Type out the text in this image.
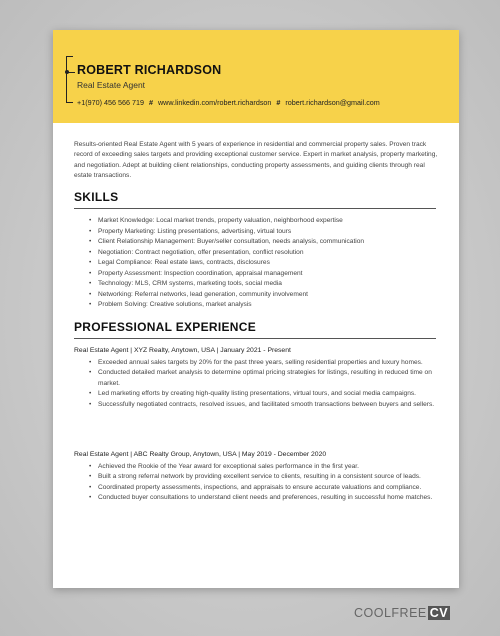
ROBERT RICHARDSON
Real Estate Agent
+1(970) 456 566 719 # www.linkedin.com/robert.richardson # robert.richardson@gmail.com
Results-oriented Real Estate Agent with 5 years of experience in residential and commercial property sales. Proven track record of exceeding sales targets and providing exceptional customer service. Expert in market analysis, property marketing, and negotiation. Adept at building client relationships, conducting property assessments, and guiding clients through real estate transactions.
SKILLS
• Market Knowledge: Local market trends, property valuation, neighborhood expertise
• Property Marketing: Listing presentations, advertising, virtual tours
• Client Relationship Management: Buyer/seller consultation, needs analysis, communication
• Negotiation: Contract negotiation, offer presentation, conflict resolution
• Legal Compliance: Real estate laws, contracts, disclosures
• Property Assessment: Inspection coordination, appraisal management
• Technology: MLS, CRM systems, marketing tools, social media
• Networking: Referral networks, lead generation, community involvement
• Problem Solving: Creative solutions, market analysis
PROFESSIONAL EXPERIENCE
Real Estate Agent | XYZ Realty, Anytown, USA | January 2021 - Present
• Exceeded annual sales targets by 20% for the past three years, selling residential properties and luxury homes.
• Conducted detailed market analysis to determine optimal pricing strategies for listings, resulting in reduced time on market.
• Led marketing efforts by creating high-quality listing presentations, virtual tours, and social media campaigns.
• Successfully negotiated contracts, resolved issues, and facilitated smooth transactions between buyers and sellers.
Real Estate Agent | ABC Realty Group, Anytown, USA | May 2019 - December 2020
• Achieved the Rookie of the Year award for exceptional sales performance in the first year.
• Built a strong referral network by providing excellent service to clients, resulting in a consistent source of leads.
• Coordinated property assessments, inspections, and appraisals to ensure accurate valuations and compliance.
• Conducted buyer consultations to understand client needs and preferences, resulting in successful home matches.
COOLFREE CV
